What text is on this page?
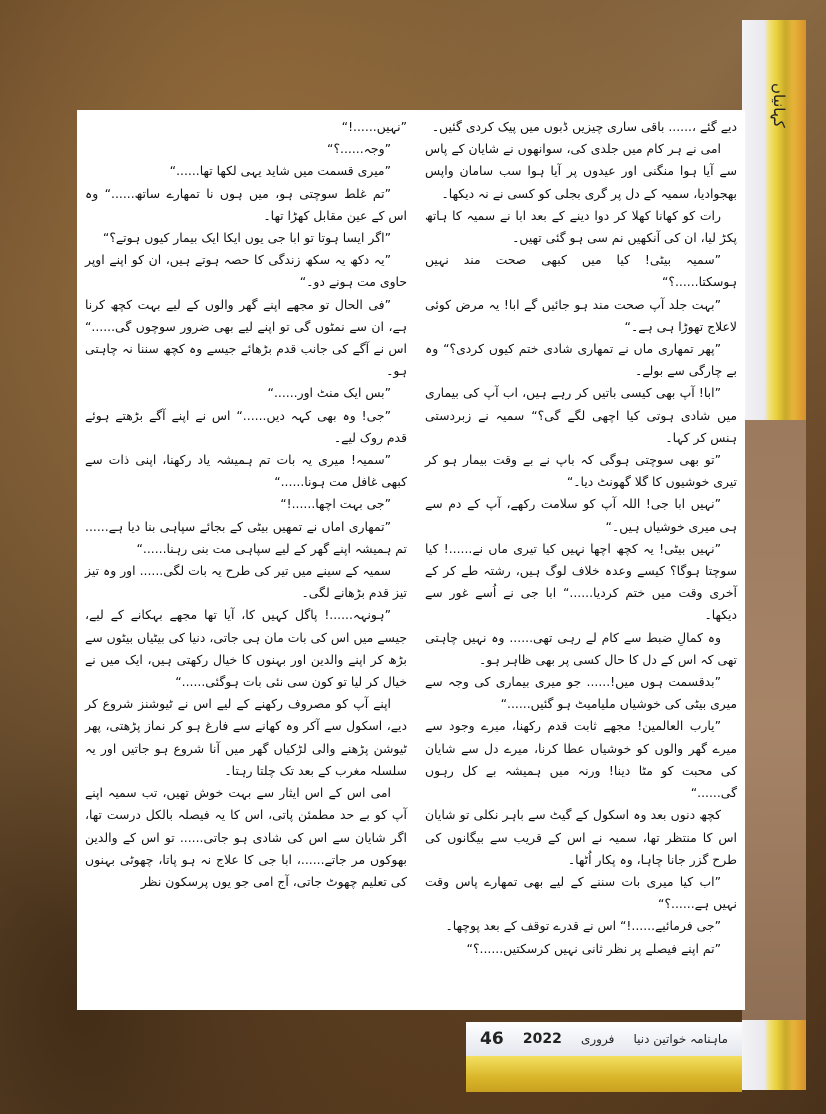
کہانیاں

دیے گئے ،...... باقی ساری چیزیں ڈبوں میں پیک کردی گئیں۔

امی نے ہر کام میں جلدی کی، سوانھوں نے شایان کے پاس سے آیا ہوا منگنی اور عیدوں پر آیا ہوا سب سامان واپس بھجوادیا، سمیہ کے دل پر گری بجلی کو کسی نے نہ دیکھا۔

رات کو کھانا کھلا کر دوا دینے کے بعد ابا نے سمیہ کا ہاتھ پکڑ لیا، ان کی آنکھیں نم سی ہو گئی تھیں۔

”سمیہ بیٹی! کیا میں کبھی صحت مند نہیں ہوسکتا......؟“

”بہت جلد آپ صحت مند ہو جائیں گے ابا! یہ مرض کوئی لاعلاج تھوڑا ہی ہے۔“

”پھر تمھاری ماں نے تمھاری شادی ختم کیوں کردی؟“ وہ بے چارگی سے بولے۔

”ابا! آپ بھی کیسی باتیں کر رہے ہیں، اب آپ کی بیماری میں شادی ہوتی کیا اچھی لگے گی؟“ سمیہ نے زبردستی ہنس کر کہا۔

”تو بھی سوچتی ہوگی کہ باپ نے بے وقت بیمار ہو کر تیری خوشیوں کا گلا گھونٹ دیا۔“

”نہیں ابا جی! اللہ آپ کو سلامت رکھے، آپ کے دم سے ہی میری خوشیاں ہیں۔“

”نہیں بیٹی! یہ کچھ اچھا نہیں کیا تیری ماں نے......! کیا سوچتا ہوگا؟ کیسے وعدہ خلاف لوگ ہیں، رشتہ طے کر کے آخری وقت میں ختم کردیا......“ ابا جی نے اُسے غور سے دیکھا۔

وہ کمالِ ضبط سے کام لے رہی تھی...... وہ نہیں چاہتی تھی کہ اس کے دل کا حال کسی پر بھی ظاہر ہو۔

”بدقسمت ہوں میں!...... جو میری بیماری کی وجہ سے میری بیٹی کی خوشیاں ملیامیٹ ہو گئیں......“

”یارب العالمین! مجھے ثابت قدم رکھنا، میرے وجود سے میرے گھر والوں کو خوشیاں عطا کرنا، میرے دل سے شایان کی محبت کو مٹا دینا! ورنہ میں ہمیشہ بے کل رہوں گی......“

کچھ دنوں بعد وہ اسکول کے گیٹ سے باہر نکلی تو شایان اس کا منتظر تھا، سمیہ نے اس کے قریب سے بیگانوں کی طرح گزر جانا چاہا، وہ پکار اُٹھا۔

”اب کیا میری بات سننے کے لیے بھی تمھارے پاس وقت نہیں ہے......؟“

”جی فرمائیے......!“ اس نے قدرے توقف کے بعد پوچھا۔

”تم اپنے فیصلے پر نظر ثانی نہیں کرسکتیں......؟“

”نہیں......!“

”وجہ......؟“

”میری قسمت میں شاید یہی لکھا تھا......“

”تم غلط سوچتی ہو، میں ہوں نا تمھارے ساتھ......“ وہ اس کے عین مقابل کھڑا تھا۔

”اگر ایسا ہوتا تو ابا جی یوں ایکا ایک بیمار کیوں ہوتے؟“

”یہ دکھ یہ سکھ زندگی کا حصہ ہوتے ہیں، ان کو اپنے اوپر حاوی مت ہونے دو۔“

”فی الحال تو مجھے اپنے گھر والوں کے لیے بہت کچھ کرنا ہے، ان سے نمٹوں گی تو اپنے لیے بھی ضرور سوچوں گی......“ اس نے آگے کی جانب قدم بڑھائے جیسے وہ کچھ سننا نہ چاہتی ہو۔

”بس ایک منٹ اور......“

”جی! وہ بھی کہہ دیں......“ اس نے اپنے آگے بڑھتے ہوئے قدم روک لیے۔

”سمیہ! میری یہ بات تم ہمیشہ یاد رکھنا، اپنی ذات سے کبھی غافل مت ہونا......“

”جی بہت اچھا......!“

”تمھاری اماں نے تمھیں بیٹی کے بجائے سپاہی بنا دیا ہے...... تم ہمیشہ اپنے گھر کے لیے سپاہی مت بنی رہنا......“

سمیہ کے سینے میں تیر کی طرح یہ بات لگی...... اور وہ تیز تیز قدم بڑھانے لگی۔

”ہونہہ......! پاگل کہیں کا، آیا تھا مجھے بہکانے کے لیے، جیسے میں اس کی بات مان ہی جاتی، دنیا کی بیٹیاں بیٹوں سے بڑھ کر اپنے والدین اور بہنوں کا خیال رکھتی ہیں، ایک میں نے خیال کر لیا تو کون سی نئی بات ہوگئی......“

اپنے آپ کو مصروف رکھنے کے لیے اس نے ٹیوشنز شروع کر دیے، اسکول سے آکر وہ کھانے سے فارغ ہو کر نماز پڑھتی، پھر ٹیوشن پڑھنے والی لڑکیاں گھر میں آنا شروع ہو جاتیں اور یہ سلسلہ مغرب کے بعد تک چلتا رہتا۔

امی اس کے اس ایثار سے بہت خوش تھیں، تب سمیہ اپنے آپ کو بے حد مطمئن پاتی، اس کا یہ فیصلہ بالکل درست تھا، اگر شایان سے اس کی شادی ہو جاتی...... تو اس کے والدین بھوکوں مر جاتے......، ابا جی کا علاج نہ ہو پاتا، چھوٹی بہنوں کی تعلیم چھوٹ جاتی، آج امی جو یوں پرسکون نظر

46 2022 فروری ماہنامہ خواتین دنیا
